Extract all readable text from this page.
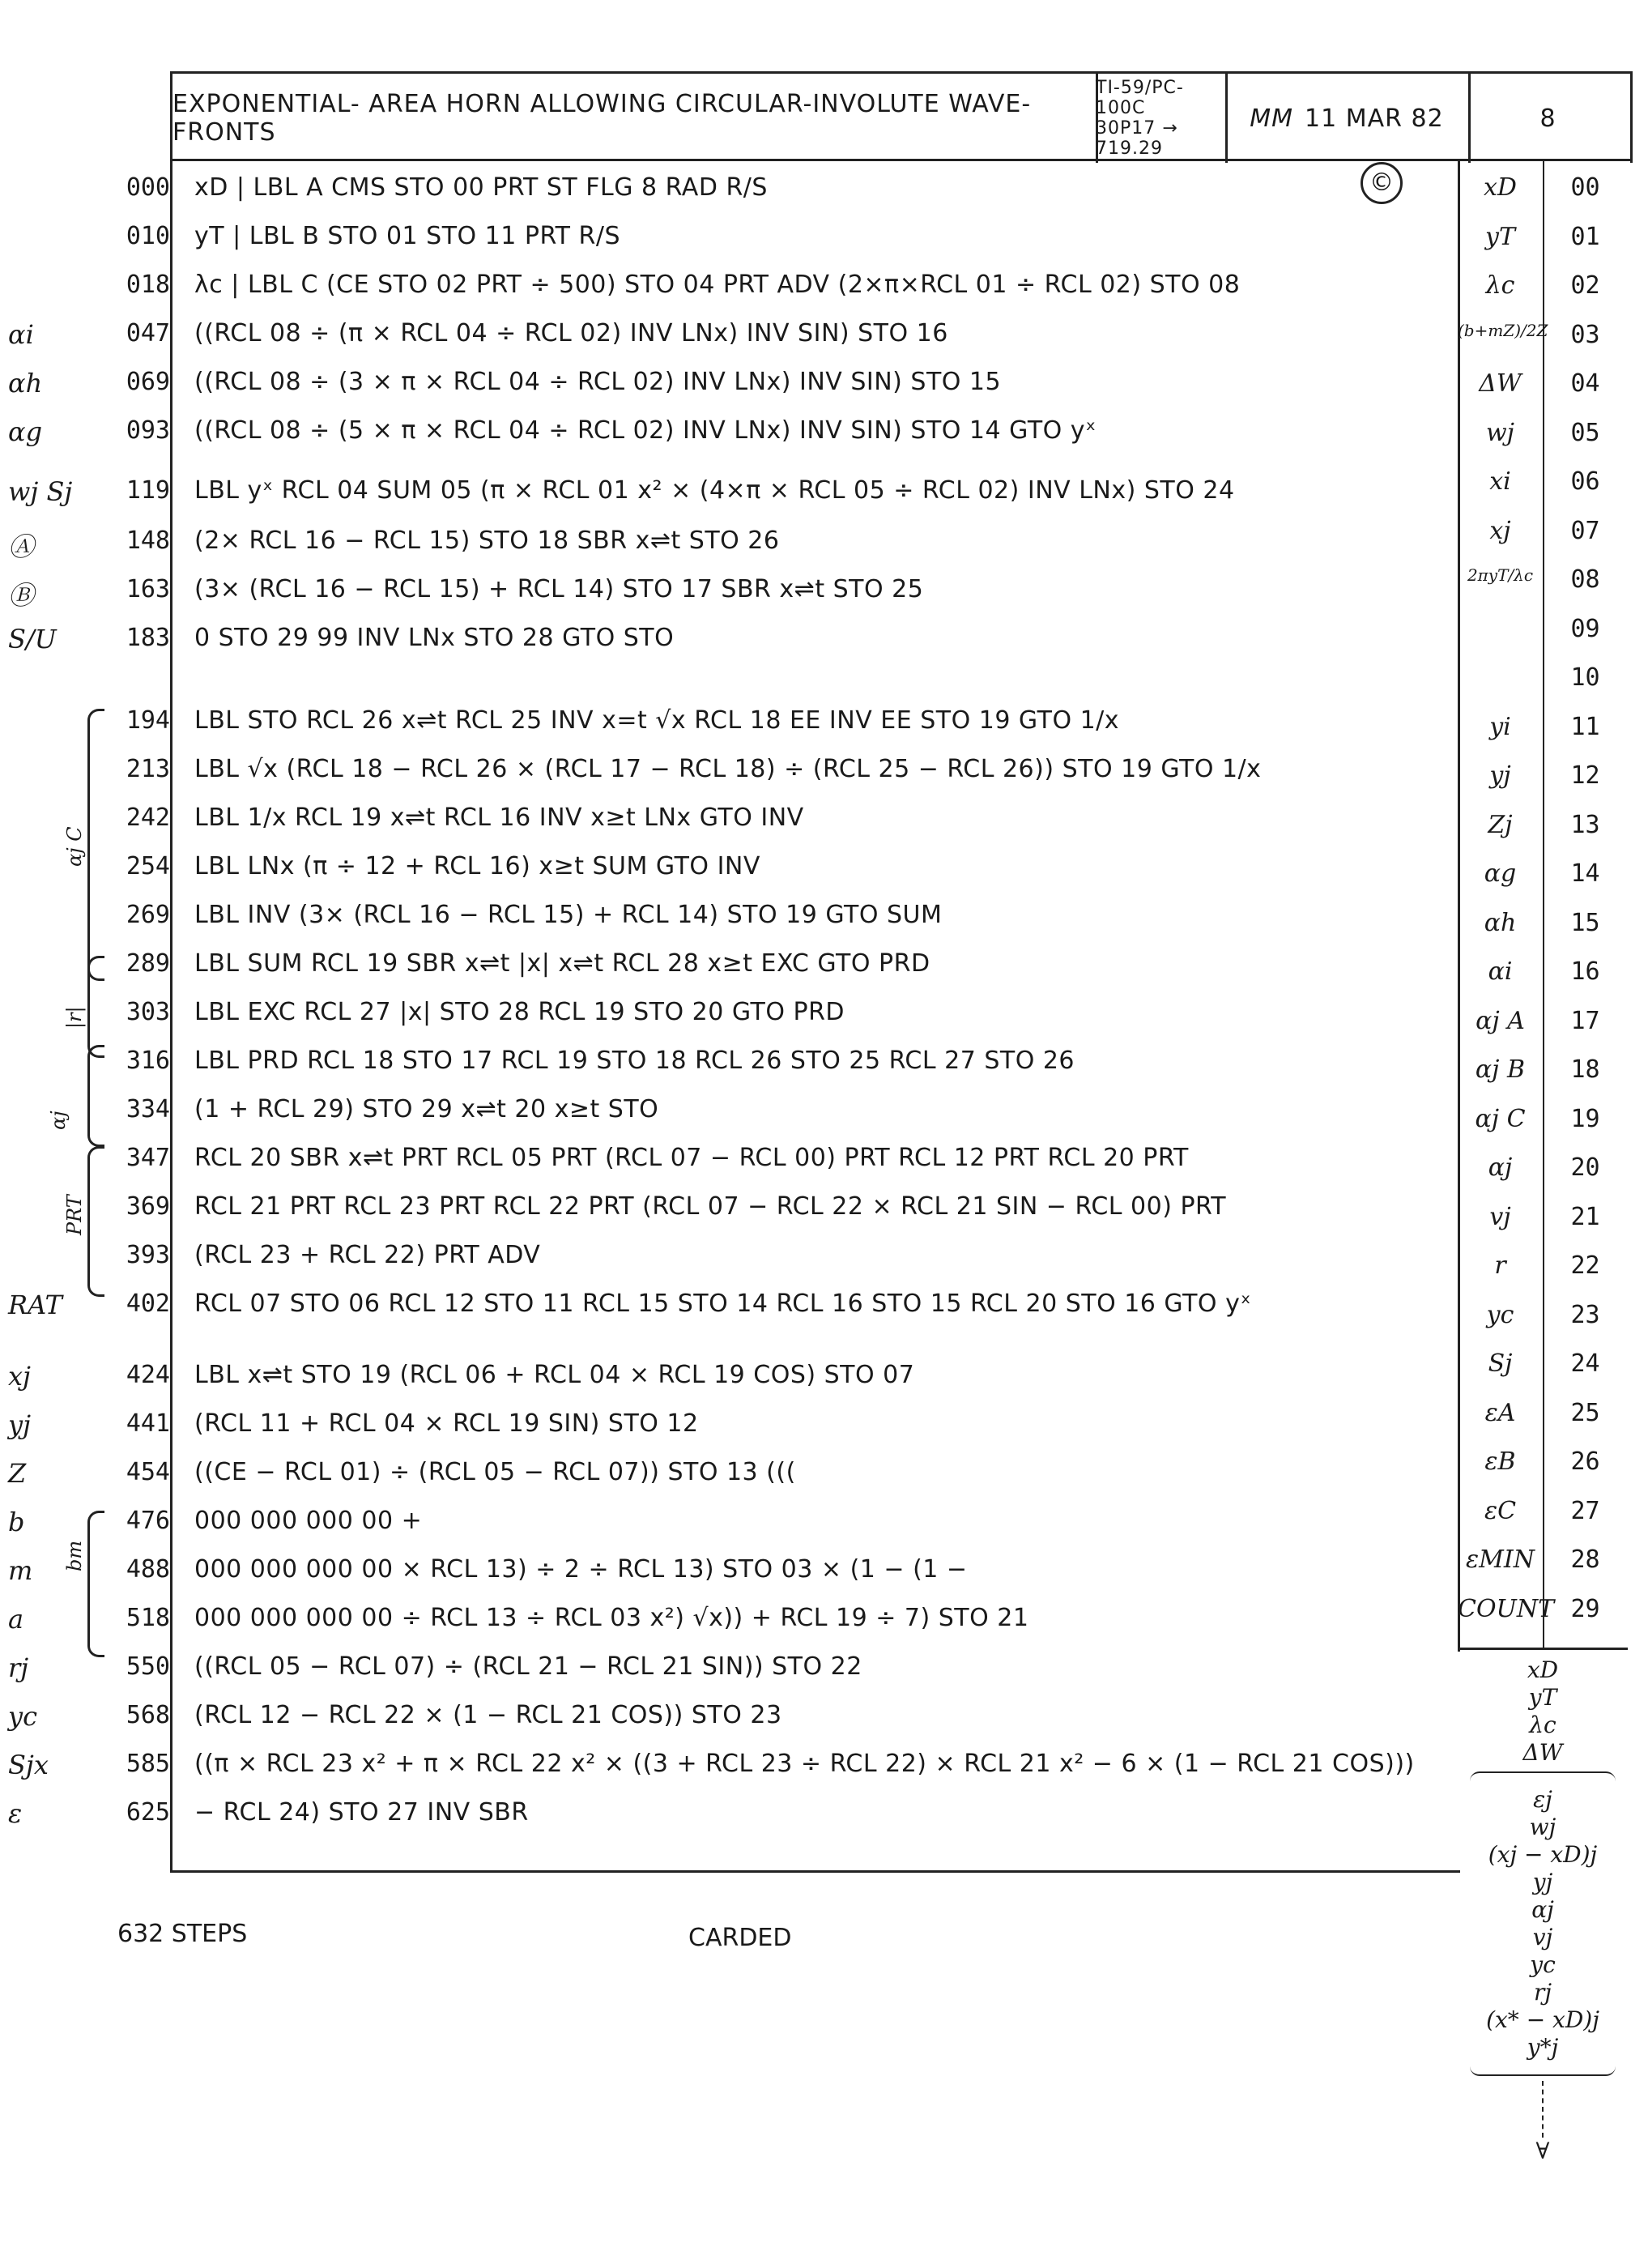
EXPONENTIAL- AREA HORN ALLOWING CIRCULAR-INVOLUTE WAVE-FRONTS
TI-59/PC-100C
30P17 → 719.29
MM 11 MAR 82	8
©
000 xD | LBL A CMS STO 00 PRT ST FLG 8 RAD R/S
010 yT | LBL B STO 01 STO 11 PRT R/S
018 λc | LBL C (CE STO 02 PRT ÷ 500) STO 04 PRT ADV (2×π×RCL 01 ÷ RCL 02) STO 08
αi	047 ((RCL 08 ÷ (π × RCL 04 ÷ RCL 02) INV LNx) INV SIN) STO 16
αh	069 ((RCL 08 ÷ (3 × π × RCL 04 ÷ RCL 02) INV LNx) INV SIN) STO 15
αg	093 ((RCL 08 ÷ (5 × π × RCL 04 ÷ RCL 02) INV LNx) INV SIN) STO 14 GTO yˣ
wj Sj	119 LBL yˣ RCL 04 SUM 05 (π × RCL 01 x² × (4×π × RCL 05 ÷ RCL 02) INV LNx) STO 24
Ⓐ	148 (2× RCL 16 − RCL 15) STO 18 SBR x⇌t STO 26
Ⓑ	163 (3× (RCL 16 − RCL 15) + RCL 14) STO 17 SBR x⇌t STO 25
S/U	183 0 STO 29 99 INV LNx STO 28 GTO STO
194 LBL STO RCL 26 x⇌t RCL 25 INV x=t √x RCL 18 EE INV EE STO 19 GTO 1/x
213 LBL √x (RCL 18 − RCL 26 × (RCL 17 − RCL 18) ÷ (RCL 25 − RCL 26)) STO 19 GTO 1/x
242 LBL 1/x RCL 19 x⇌t RCL 16 INV x≥t LNx GTO INV
254 LBL LNx (π ÷ 12 + RCL 16) x≥t SUM GTO INV
269 LBL INV (3× (RCL 16 − RCL 15) + RCL 14) STO 19 GTO SUM
289 LBL SUM RCL 19 SBR x⇌t |x| x⇌t RCL 28 x≥t EXC GTO PRD
303 LBL EXC RCL 27 |x| STO 28 RCL 19 STO 20 GTO PRD
316 LBL PRD RCL 18 STO 17 RCL 19 STO 18 RCL 26 STO 25 RCL 27 STO 26
334 (1 + RCL 29) STO 29 x⇌t 20 x≥t STO
347 RCL 20 SBR x⇌t PRT RCL 05 PRT (RCL 07 − RCL 00) PRT RCL 12 PRT RCL 20 PRT
369 RCL 21 PRT RCL 23 PRT RCL 22 PRT (RCL 07 − RCL 22 × RCL 21 SIN − RCL 00) PRT
393 (RCL 23 + RCL 22) PRT ADV
RAT	402 RCL 07 STO 06 RCL 12 STO 11 RCL 15 STO 14 RCL 16 STO 15 RCL 20 STO 16 GTO yˣ
xj	424 LBL x⇌t STO 19 (RCL 06 + RCL 04 × RCL 19 COS) STO 07
yj	441 (RCL 11 + RCL 04 × RCL 19 SIN) STO 12
Z	454 ((CE − RCL 01) ÷ (RCL 05 − RCL 07)) STO 13 (((
b	476 000 000 000 00 +
m	488 000 000 000 00 × RCL 13) ÷ 2 ÷ RCL 13) STO 03 × (1 − (1 −
a	518 000 000 000 00 ÷ RCL 13 ÷ RCL 03 x²) √x)) + RCL 19 ÷ 7) STO 21
rj	550 ((RCL 05 − RCL 07) ÷ (RCL 21 − RCL 21 SIN)) STO 22
yc	568 (RCL 12 − RCL 22 × (1 − RCL 21 COS)) STO 23
Sjx	585 ((π × RCL 23 x² + π × RCL 22 x² × ((3 + RCL 23 ÷ RCL 22) × RCL 21 x² − 6 × (1 − RCL 21 COS)))
ε	625 − RCL 24) STO 27 INV SBR
αj C
|r|
αj
PRT
bm
xD	00
yT	01
λc	02
(b+mZ)/2Z 03
ΔW	04
wj	05
xi	06
xj	07
2πyT/λc	08
09
10
yi	11
yj	12
Zj	13
αg	14
αh	15
αi	16
αj A	17
αj B	18
αj C	19
αj	20
vj	21
r	22
yc	23
Sj	24
εA	25
εB	26
εC	27
εMIN	28
COUNT 29
xD
yT
λc
ΔW
εj
wj
(xj − xD)j
yj
αj
vj
yc
rj
(x* − xD)j
y*j
∀
632 STEPS	CARDED
